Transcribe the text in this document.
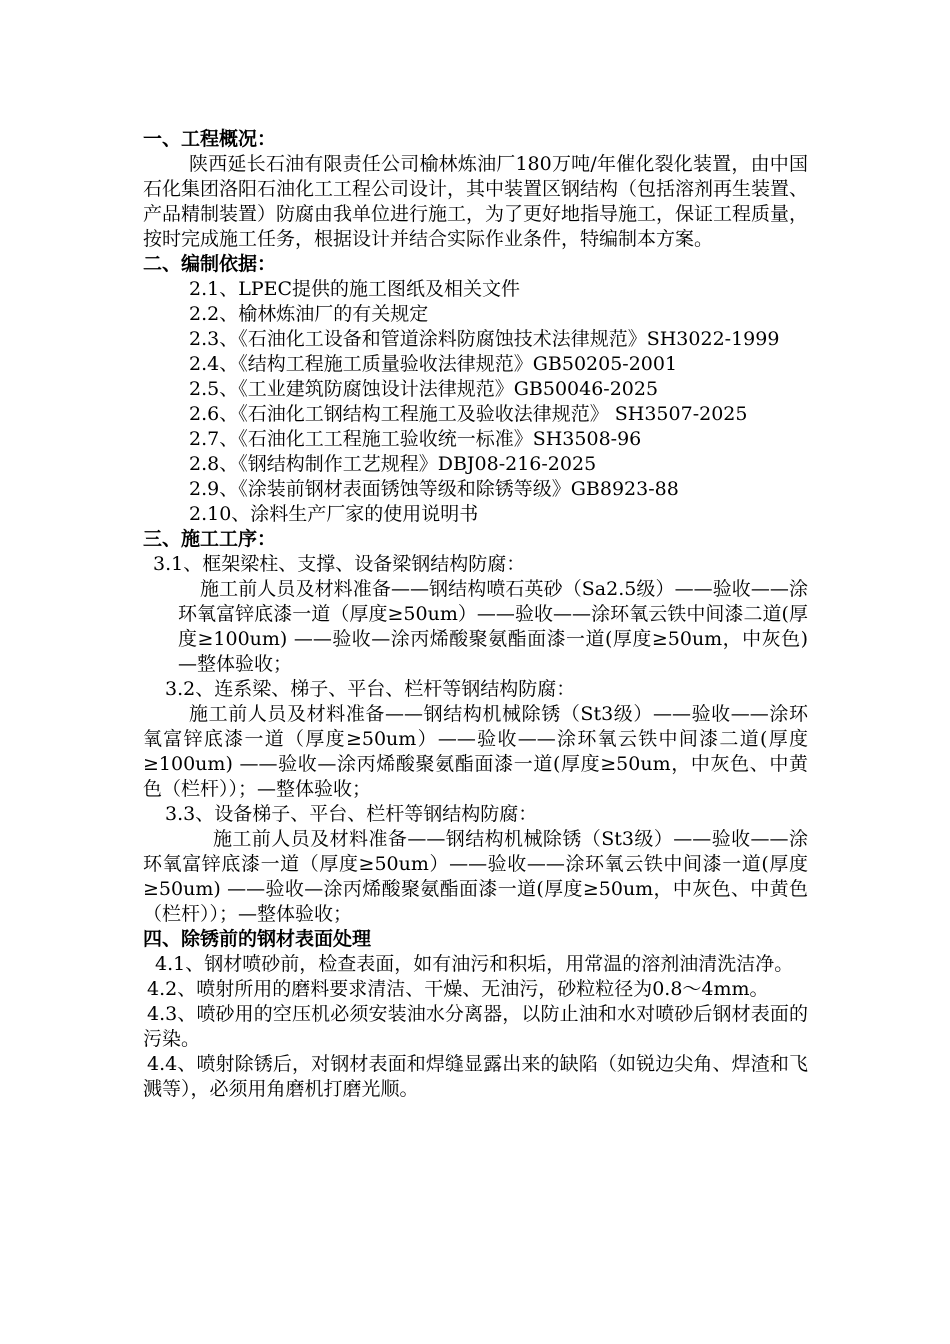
一、工程概况：

陕西延长石油有限责任公司榆林炼油厂180万吨/年催化裂化装置，由中国石化集团洛阳石油化工工程公司设计，其中装置区钢结构（包括溶剂再生装置、产品精制装置）防腐由我单位进行施工，为了更好地指导施工，保证工程质量，按时完成施工任务，根据设计并结合实际作业条件，特编制本方案。

二、编制依据：

2.1、LPEC提供的施工图纸及相关文件

2.2、榆林炼油厂的有关规定

2.3、《石油化工设备和管道涂料防腐蚀技术法律规范》SH3022-1999

2.4、《结构工程施工质量验收法律规范》GB50205-2001

2.5、《工业建筑防腐蚀设计法律规范》GB50046-2025

2.6、《石油化工钢结构工程施工及验收法律规范》 SH3507-2025

2.7、《石油化工工程施工验收统一标准》SH3508-96

2.8、《钢结构制作工艺规程》DBJ08-216-2025

2.9、《涂装前钢材表面锈蚀等级和除锈等级》GB8923-88

2.10、涂料生产厂家的使用说明书

三、施工工序：

3.1、框架梁柱、支撑、设备梁钢结构防腐：

施工前人员及材料准备——钢结构喷石英砂（Sa2.5级）——验收——涂环氧富锌底漆一道（厚度≥50um）——验收——涂环氧云铁中间漆二道(厚度≥100um) ——验收—涂丙烯酸聚氨酯面漆一道(厚度≥50um，中灰色) —整体验收；

3.2、连系梁、梯子、平台、栏杆等钢结构防腐：

施工前人员及材料准备——钢结构机械除锈（St3级）——验收——涂环氧富锌底漆一道（厚度≥50um）——验收——涂环氧云铁中间漆二道(厚度≥100um) ——验收—涂丙烯酸聚氨酯面漆一道(厚度≥50um，中灰色、中黄色（栏杆））；—整体验收；

3.3、设备梯子、平台、栏杆等钢结构防腐：

施工前人员及材料准备——钢结构机械除锈（St3级）——验收——涂环氧富锌底漆一道（厚度≥50um）——验收——涂环氧云铁中间漆一道(厚度≥50um) ——验收—涂丙烯酸聚氨酯面漆一道(厚度≥50um，中灰色、中黄色（栏杆））；—整体验收；

四、除锈前的钢材表面处理

4.1、钢材喷砂前，检查表面，如有油污和积垢，用常温的溶剂油清洗洁净。

4.2、喷射所用的磨料要求清洁、干燥、无油污，砂粒粒径为0.8～4mm。

4.3、喷砂用的空压机必须安装油水分离器，以防止油和水对喷砂后钢材表面的污染。

4.4、喷射除锈后，对钢材表面和焊缝显露出来的缺陷（如锐边尖角、焊渣和飞溅等），必须用角磨机打磨光顺。
